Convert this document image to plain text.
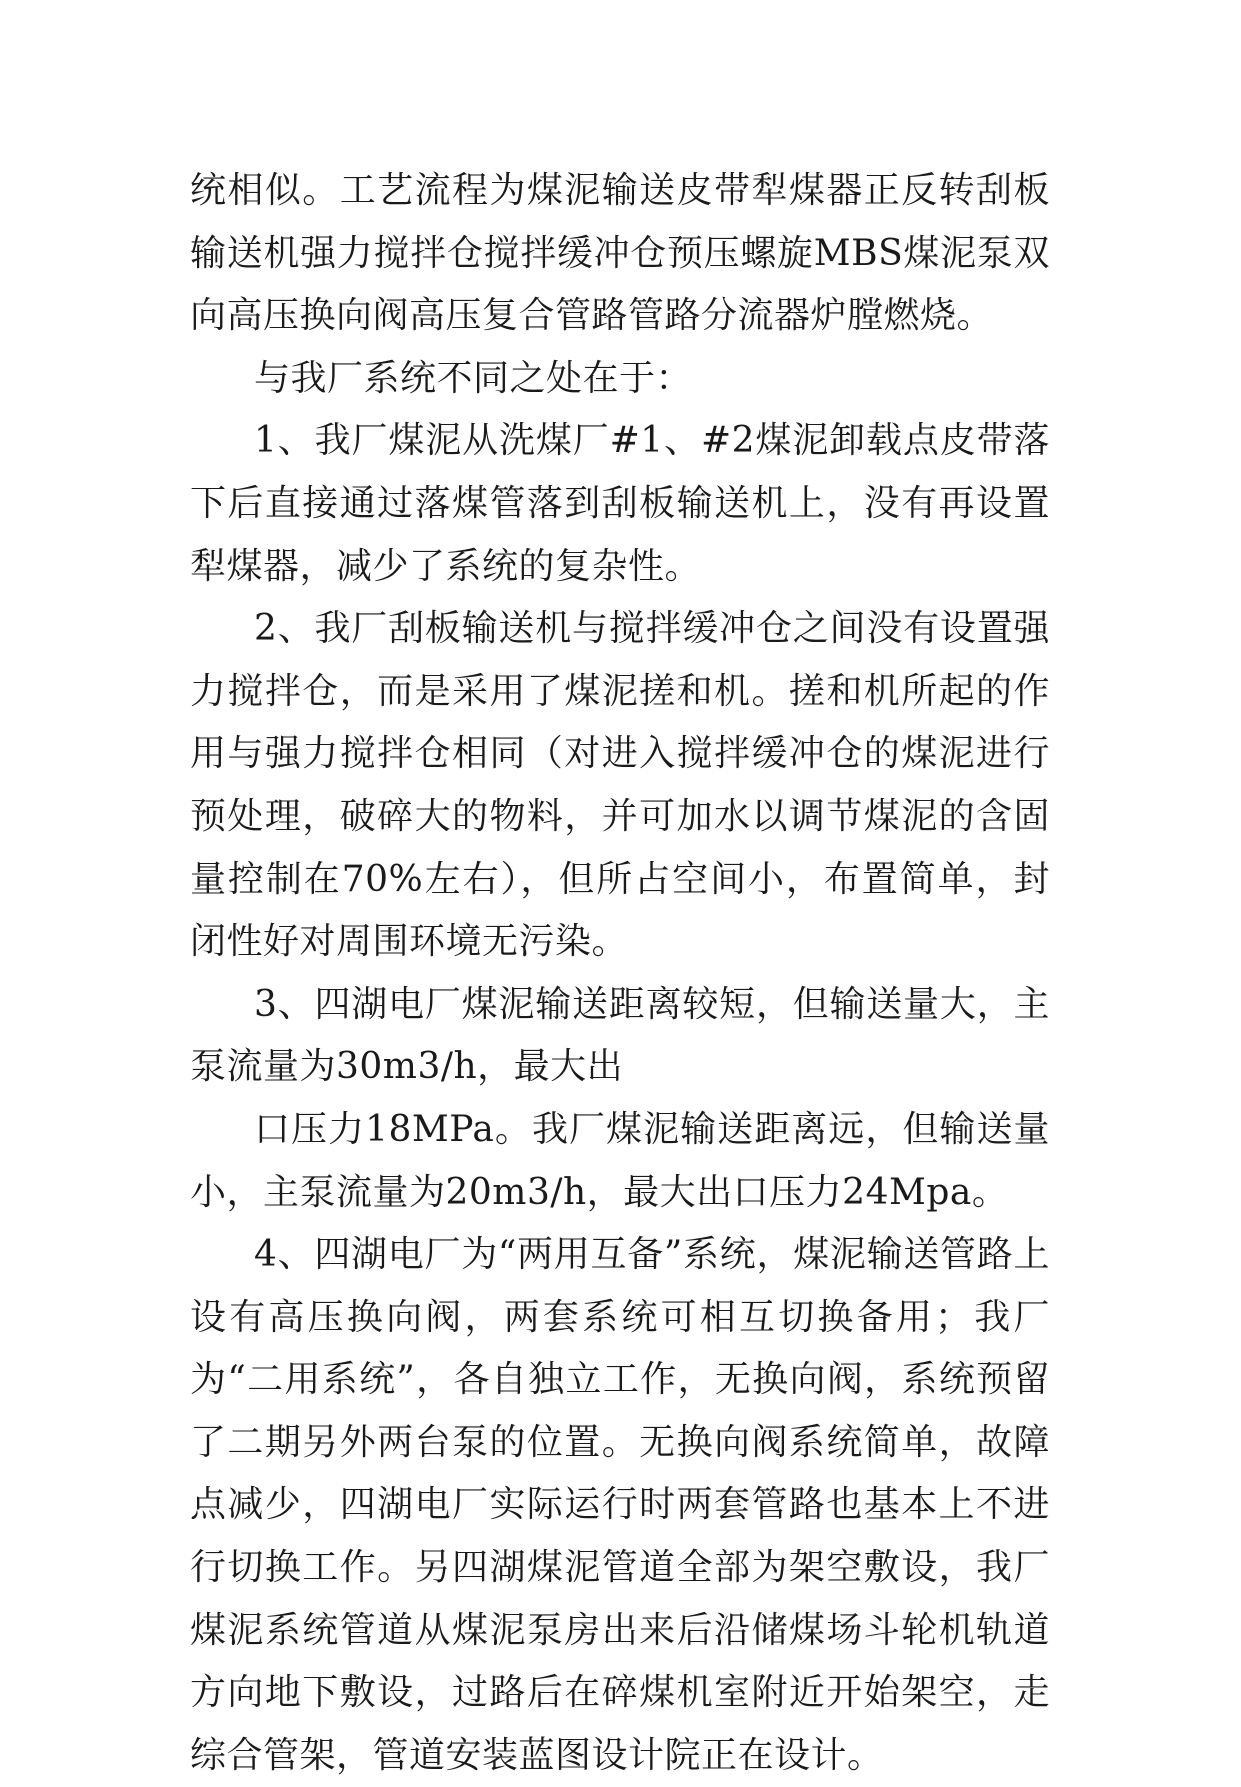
统相似。工艺流程为煤泥输送皮带犁煤器正反转刮板输送机强力搅拌仓搅拌缓冲仓预压螺旋MBS煤泥泵双向高压换向阀高压复合管路管路分流器炉膛燃烧。

与我厂系统不同之处在于：

1、我厂煤泥从洗煤厂#1、#2煤泥卸载点皮带落下后直接通过落煤管落到刮板输送机上，没有再设置犁煤器，减少了系统的复杂性。

2、我厂刮板输送机与搅拌缓冲仓之间没有设置强力搅拌仓，而是采用了煤泥搓和机。搓和机所起的作用与强力搅拌仓相同（对进入搅拌缓冲仓的煤泥进行预处理，破碎大的物料，并可加水以调节煤泥的含固量控制在70%左右），但所占空间小，布置简单，封闭性好对周围环境无污染。

3、四湖电厂煤泥输送距离较短，但输送量大，主泵流量为30m3/h，最大出

口压力18MPa。我厂煤泥输送距离远，但输送量小，主泵流量为20m3/h，最大出口压力24Mpa。

4、四湖电厂为“两用互备”系统，煤泥输送管路上设有高压换向阀，两套系统可相互切换备用；我厂为“二用系统”，各自独立工作，无换向阀，系统预留了二期另外两台泵的位置。无换向阀系统简单，故障点减少，四湖电厂实际运行时两套管路也基本上不进行切换工作。另四湖煤泥管道全部为架空敷设，我厂煤泥系统管道从煤泥泵房出来后沿储煤场斗轮机轨道方向地下敷设，过路后在碎煤机室附近开始架空，走综合管架，管道安装蓝图设计院正在设计。
